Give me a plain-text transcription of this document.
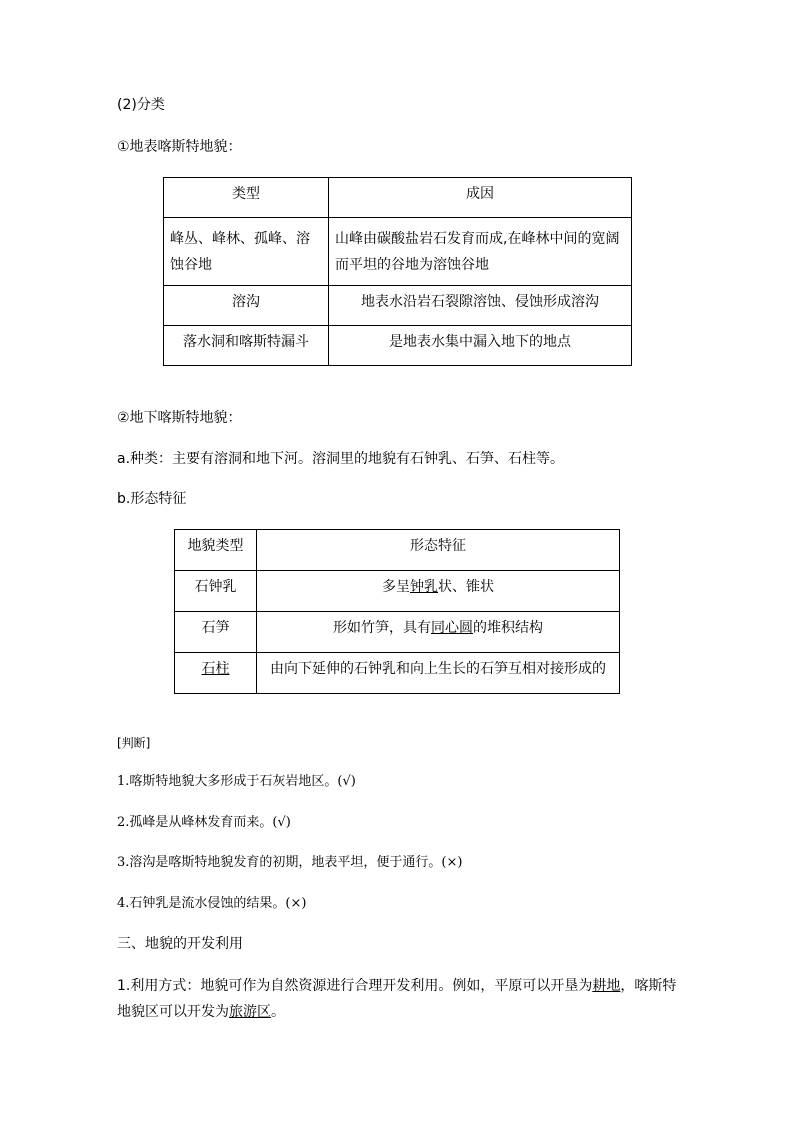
(2)分类
①地表喀斯特地貌：
类型	成因
峰丛、峰林、孤峰、溶蚀谷地	山峰由碳酸盐岩石发育而成,在峰林中间的宽阔而平坦的谷地为溶蚀谷地
溶沟	地表水沿岩石裂隙溶蚀、侵蚀形成溶沟
落水洞和喀斯特漏斗	是地表水集中漏入地下的地点
②地下喀斯特地貌：
a.种类：主要有溶洞和地下河。溶洞里的地貌有石钟乳、石笋、石柱等。
b.形态特征
地貌类型	形态特征
石钟乳	多呈钟乳状、锥状
石笋	形如竹笋，具有同心圆的堆积结构
石柱	由向下延伸的石钟乳和向上生长的石笋互相对接形成的
[判断]
1.喀斯特地貌大多形成于石灰岩地区。(√)
2.孤峰是从峰林发育而来。(√)
3.溶沟是喀斯特地貌发育的初期，地表平坦，便于通行。(×)
4.石钟乳是流水侵蚀的结果。(×)
三、地貌的开发利用
1.利用方式：地貌可作为自然资源进行合理开发利用。例如，平原可以开垦为耕地，喀斯特
地貌区可以开发为旅游区。
